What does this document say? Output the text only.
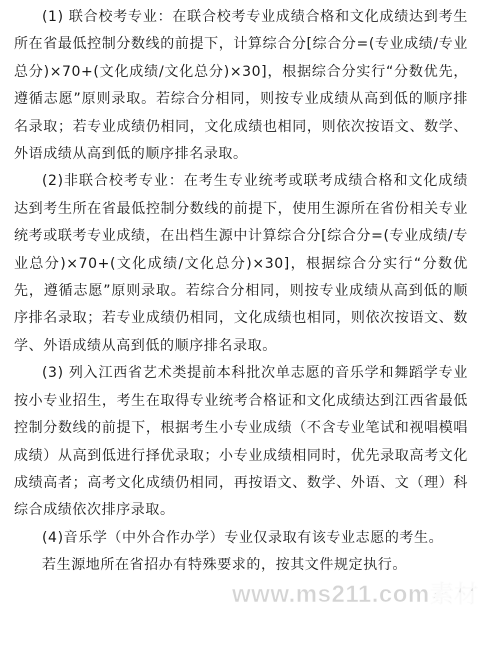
(1) 联合校考专业：在联合校考专业成绩合格和文化成绩达到考生所在省最低控制分数线的前提下，计算综合分[综合分=(专业成绩/专业总分)×70+(文化成绩/文化总分)×30]，根据综合分实行“分数优先，遵循志愿”原则录取。若综合分相同，则按专业成绩从高到低的顺序排名录取；若专业成绩仍相同，文化成绩也相同，则依次按语文、数学、外语成绩从高到低的顺序排名录取。

(2)非联合校考专业：在考生专业统考或联考成绩合格和文化成绩达到考生所在省最低控制分数线的前提下，使用生源所在省份相关专业统考或联考专业成绩，在出档生源中计算综合分[综合分=(专业成绩/专业总分)×70+(文化成绩/文化总分)×30]，根据综合分实行“分数优先，遵循志愿”原则录取。若综合分相同，则按专业成绩从高到低的顺序排名录取；若专业成绩仍相同，文化成绩也相同，则依次按语文、数学、外语成绩从高到低的顺序排名录取。

(3) 列入江西省艺术类提前本科批次单志愿的音乐学和舞蹈学专业按小专业招生，考生在取得专业统考合格证和文化成绩达到江西省最低控制分数线的前提下，根据考生小专业成绩（不含专业笔试和视唱模唱成绩）从高到低进行择优录取；小专业成绩相同时，优先录取高考文化成绩高者；高考文化成绩仍相同，再按语文、数学、外语、文（理）科综合成绩依次排序录取。

(4)音乐学（中外合作办学）专业仅录取有该专业志愿的考生。

若生源地所在省招办有特殊要求的，按其文件规定执行。

www.ms211.com素材
